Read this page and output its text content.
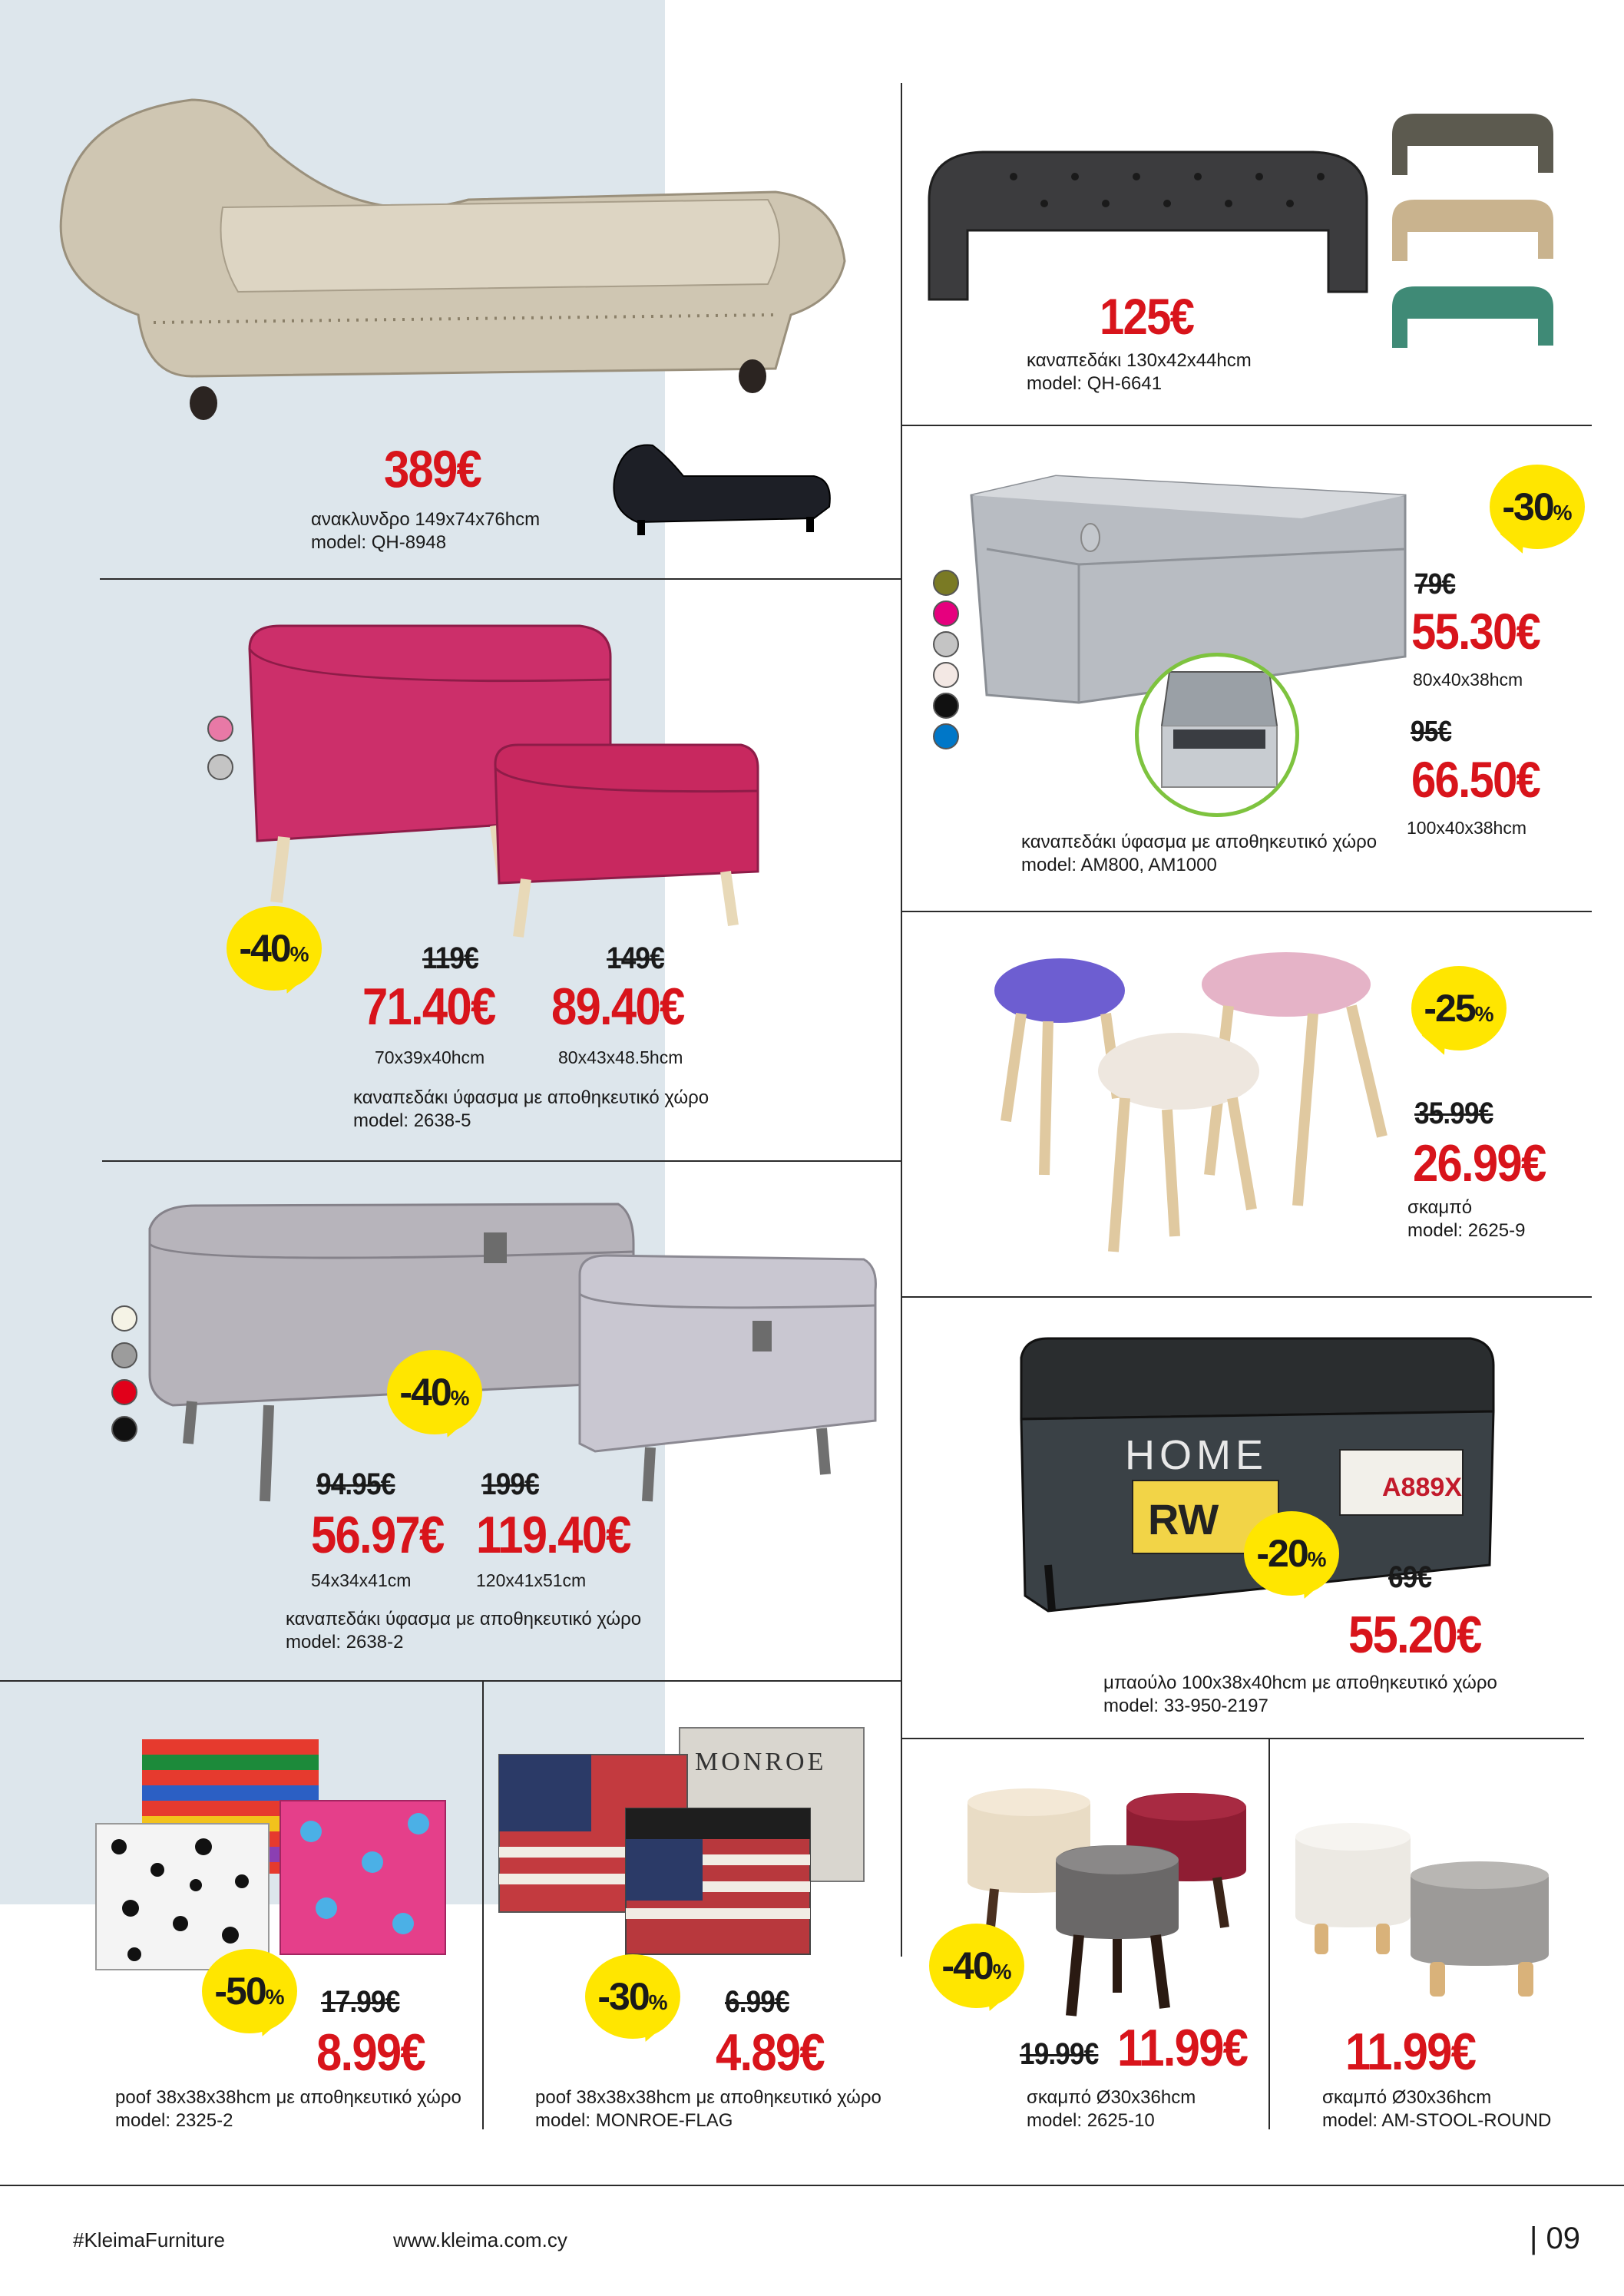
389€
ανακλυνδρο 149x74x76hcm
model: QH-8948
125€
καναπεδάκι 130x42x44hcm
model: QH-6641
-30%
79€
55.30€
80x40x38hcm
95€
66.50€
100x40x38hcm
καναπεδάκι ύφασμα με αποθηκευτικό χώρο
model: AM800, AM1000
-40%	119€
71.40€
70x39x40hcm
149€
89.40€
80x43x48.5hcm
καναπεδάκι ύφασμα με αποθηκευτικό χώρο
model: 2638-5
-25%
35.99€
26.99€
σκαμπό
model: 2625-9
-40%
94.95€
56.97€
54x34x41cm
199€
119.40€
120x41x51cm
καναπεδάκι ύφασμα με αποθηκευτικό χώρο
model: 2638-2
HOME
RW
A889X
-20%
69€
55.20€
μπαούλο 100x38x40hcm με αποθηκευτικό χώρο
model: 33-950-2197
-50%	17.99€
8.99€
poof 38x38x38hcm με αποθηκευτικό χώρο
model: 2325-2
MONROE
-30%	6.99€
4.89€
poof 38x38x38hcm με αποθηκευτικό χώρο
model: MONROE-FLAG
-40%
19.99€ 11.99€
σκαμπό Ø30x36hcm
model: 2625-10
11.99€
σκαμπό Ø30x36hcm
model: AM-STOOL-ROUND
#KleimaFurniture	www.kleima.com.cy	| 09
